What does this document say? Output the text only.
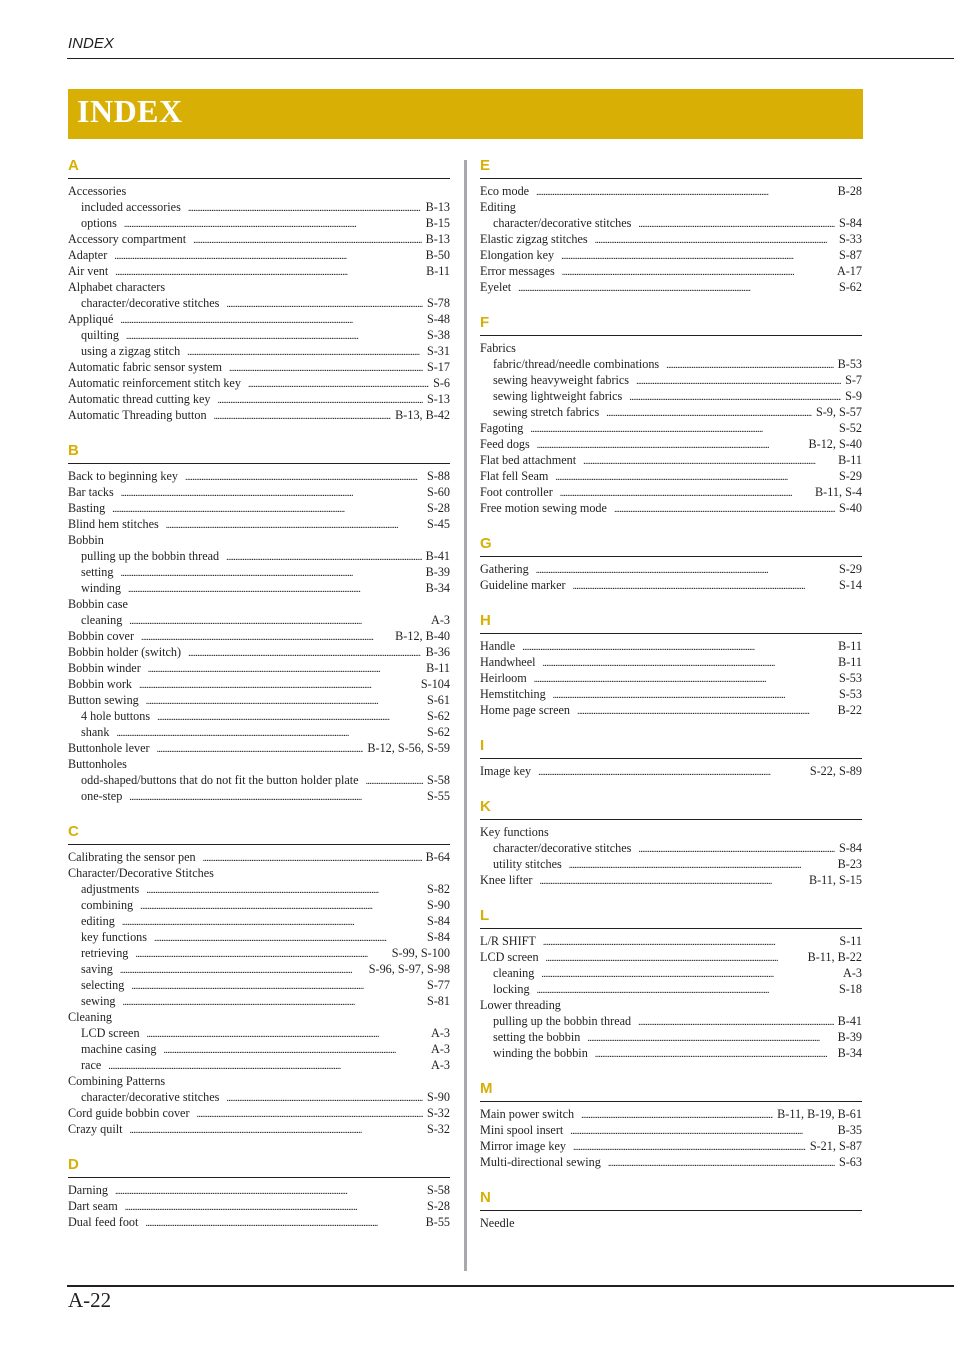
INDEX
INDEX
A
Accessories
included accessories . . .	B-13
options . . .	B-15
Accessory compartment . . .	B-13
Adapter . . .	B-50
Air vent . . .	B-11
Alphabet characters
character/decorative stitches . . .	S-78
Appliqué . . .	S-48
quilting . . .	S-38
using a zigzag stitch . . .	S-31
Automatic fabric sensor system . . .	S-17
Automatic reinforcement stitch key . . .	S-6
Automatic thread cutting key . . .	S-13
Automatic Threading button . . .	B-13, B-42
B
Back to beginning key . . .	S-88
Bar tacks . . .	S-60
Basting . . .	S-28
Blind hem stitches . . .	S-45
Bobbin
pulling up the bobbin thread . . .	B-41
setting . . .	B-39
winding . . .	B-34
Bobbin case
cleaning . . .	A-3
Bobbin cover . . .	B-12, B-40
Bobbin holder (switch) . . .	B-36
Bobbin winder . . .	B-11
Bobbin work . . .	S-104
Button sewing . . .	S-61
4 hole buttons . . .	S-62
shank . . .	S-62
Buttonhole lever . . .	B-12, S-56, S-59
Buttonholes
odd-shaped/buttons that do not fit the button holder plate . . .	S-58
one-step . . .	S-55
C
Calibrating the sensor pen . . .	B-64
Character/Decorative Stitches
adjustments . . .	S-82
combining . . .	S-90
editing . . .	S-84
key functions . . .	S-84
retrieving . . .	S-99, S-100
saving . . .	S-96, S-97, S-98
selecting . . .	S-77
sewing . . .	S-81
Cleaning
LCD screen . . .	A-3
machine casing . . .	A-3
race . . .	A-3
Combining Patterns
character/decorative stitches . . .	S-90
Cord guide bobbin cover . . .	S-32
Crazy quilt . . .	S-32
D
Darning . . .	S-58
Dart seam . . .	S-28
Dual feed foot . . .	B-55
E
Eco mode . . .	B-28
Editing
character/decorative stitches . . .	S-84
Elastic zigzag stitches . . .	S-33
Elongation key . . .	S-87
Error messages . . .	A-17
Eyelet . . .	S-62
F
Fabrics
fabric/thread/needle combinations . . .	B-53
sewing heavyweight fabrics . . .	S-7
sewing lightweight fabrics . . .	S-9
sewing stretch fabrics . . .	S-9, S-57
Fagoting . . .	S-52
Feed dogs . . .	B-12, S-40
Flat bed attachment . . .	B-11
Flat fell Seam . . .	S-29
Foot controller . . .	B-11, S-4
Free motion sewing mode . . .	S-40
G
Gathering . . .	S-29
Guideline marker . . .	S-14
H
Handle . . .	B-11
Handwheel . . .	B-11
Heirloom . . .	S-53
Hemstitching . . .	S-53
Home page screen . . .	B-22
I
Image key . . .	S-22, S-89
K
Key functions
character/decorative stitches . . .	S-84
utility stitches . . .	B-23
Knee lifter . . .	B-11, S-15
L
L/R SHIFT . . .	S-11
LCD screen . . .	B-11, B-22
cleaning . . .	A-3
locking . . .	S-18
Lower threading
pulling up the bobbin thread . . .	B-41
setting the bobbin . . .	B-39
winding the bobbin . . .	B-34
M
Main power switch . . .	B-11, B-19, B-61
Mini spool insert . . .	B-35
Mirror image key . . .	S-21, S-87
Multi-directional sewing . . .	S-63
N
Needle
A-22
